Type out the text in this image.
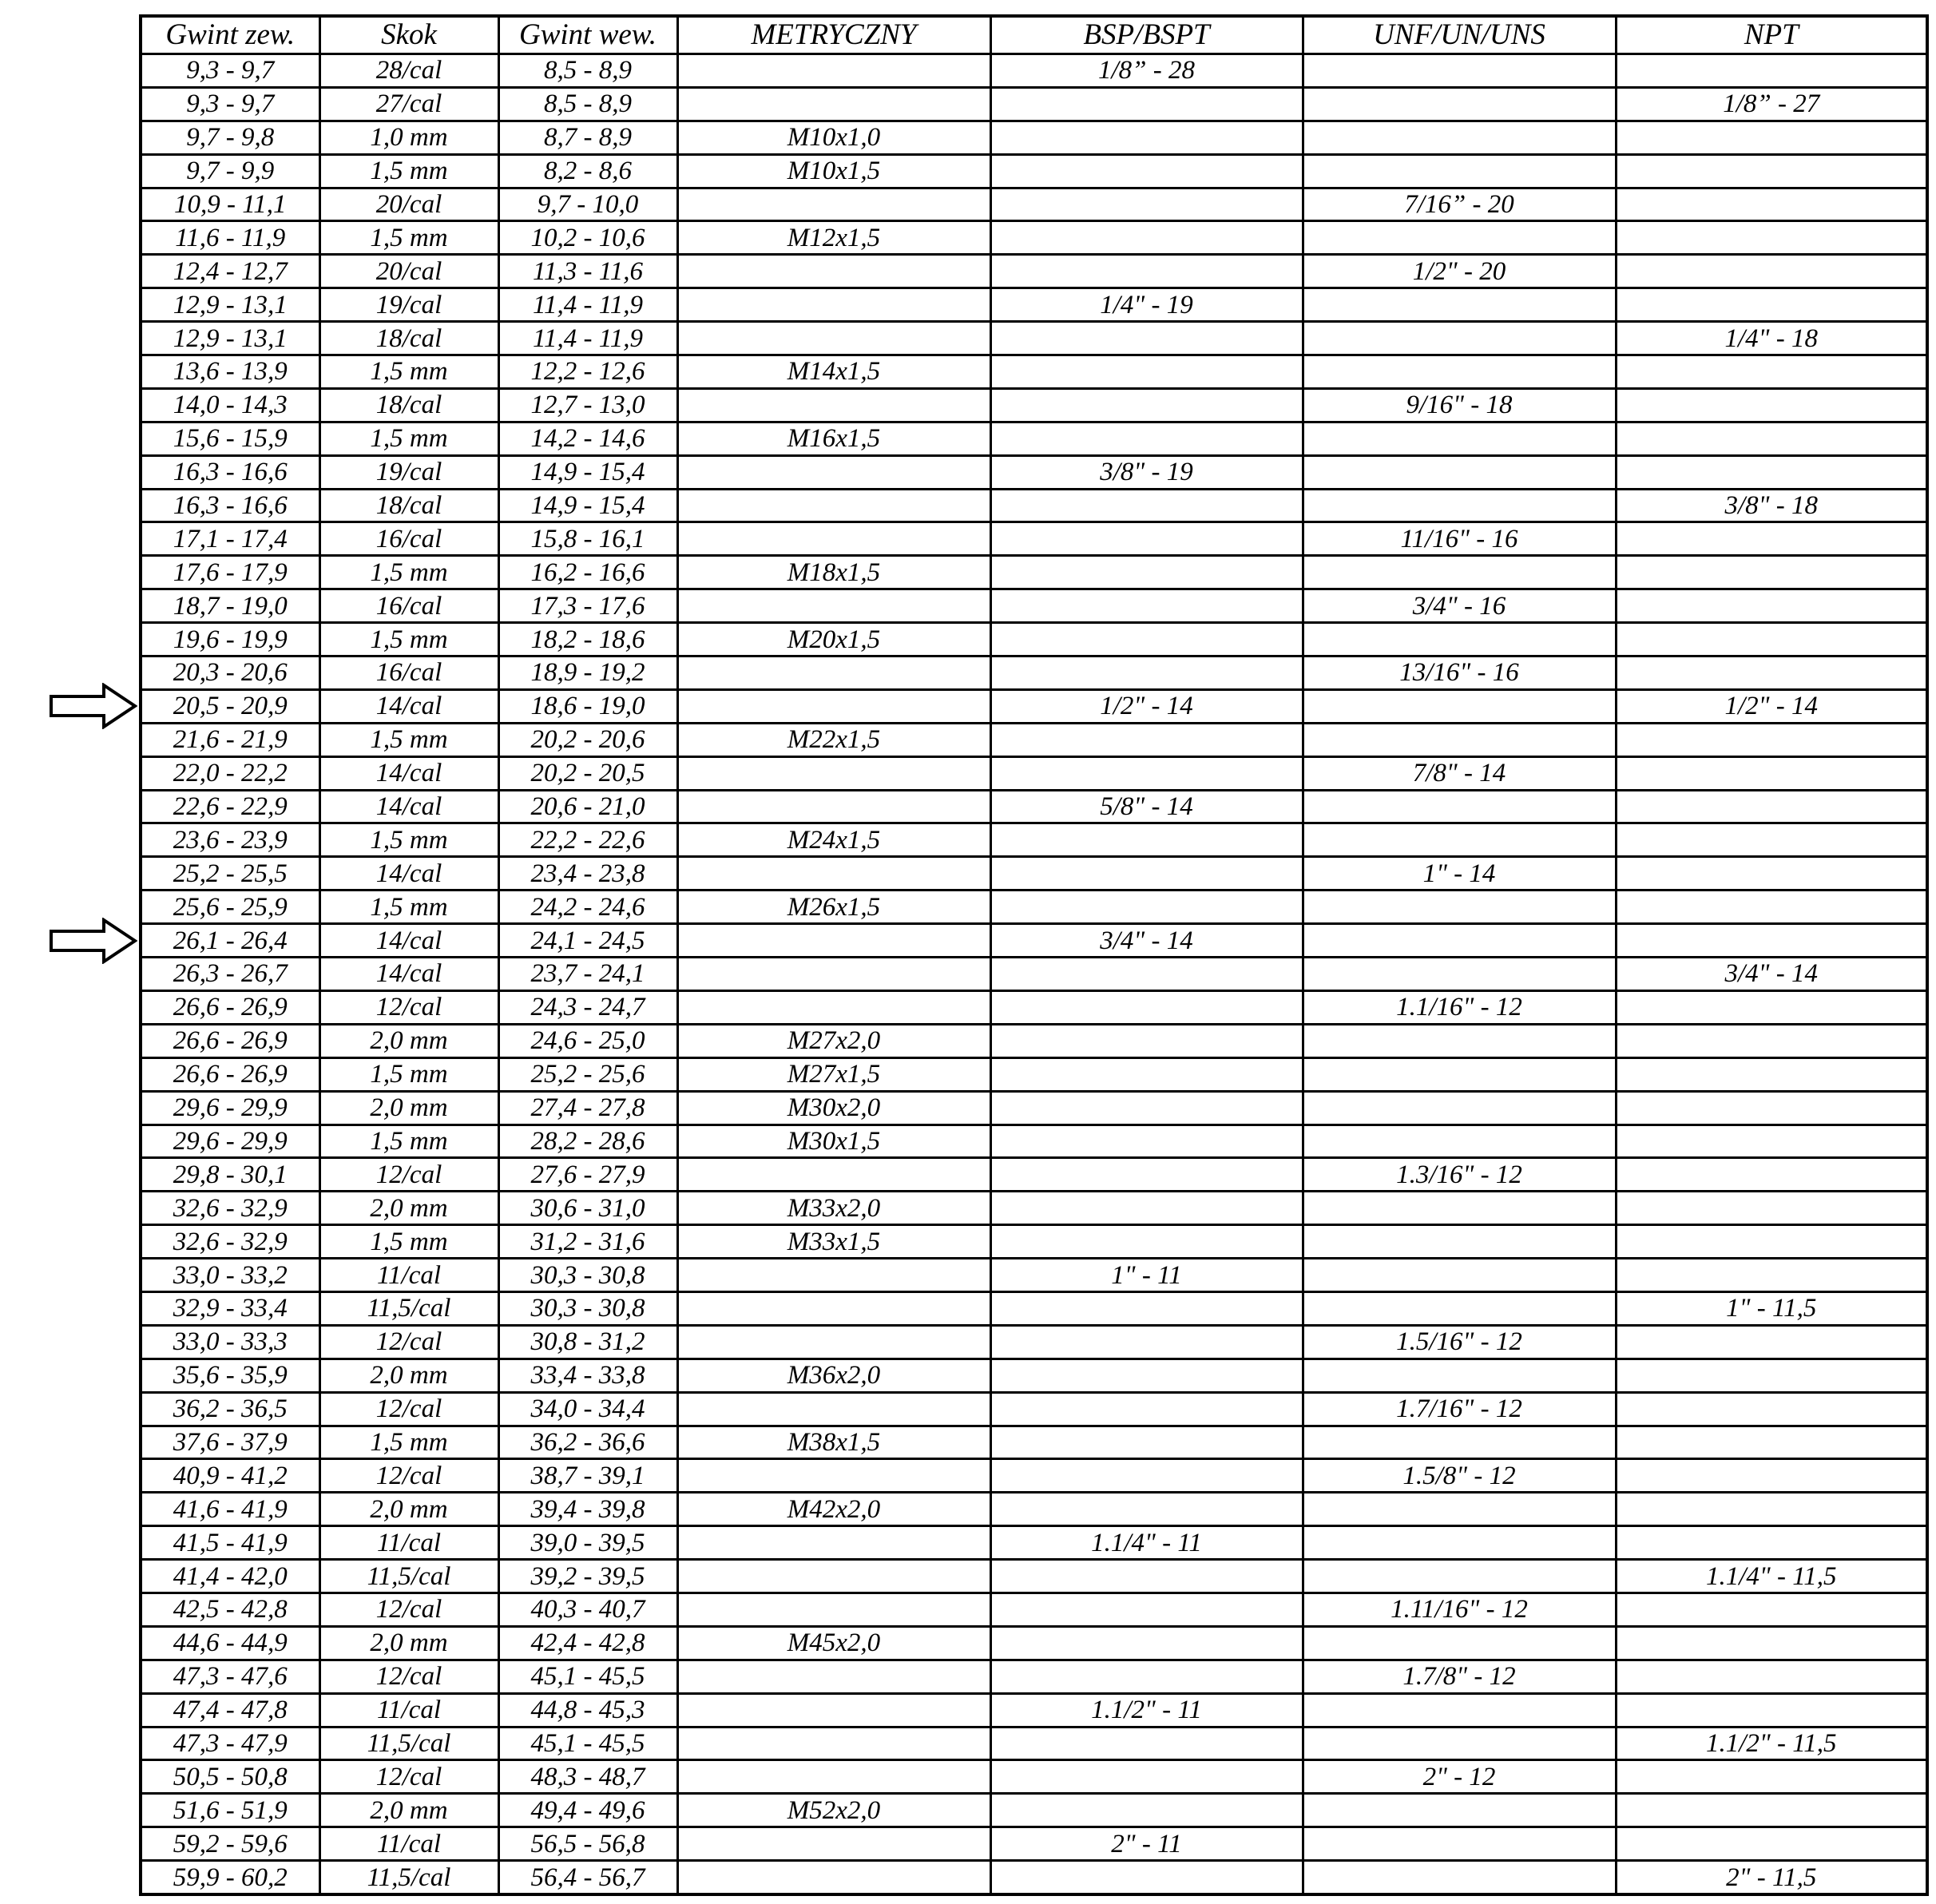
Gwint zew.	Skok	Gwint wew.	METRYCZNY	BSP/BSPT	UNF/UN/UNS	NPT
9,3 - 9,7	28/cal	8,5 - 8,9		1/8” - 28		
9,3 - 9,7	27/cal	8,5 - 8,9				1/8” - 27
9,7 - 9,8	1,0 mm	8,7 - 8,9	M10x1,0			
9,7 - 9,9	1,5 mm	8,2 - 8,6	M10x1,5			
10,9 - 11,1	20/cal	9,7 - 10,0			7/16” - 20	
11,6 - 11,9	1,5 mm	10,2 - 10,6	M12x1,5			
12,4 - 12,7	20/cal	11,3 - 11,6			1/2" - 20	
12,9 - 13,1	19/cal	11,4 - 11,9		1/4" - 19		
12,9 - 13,1	18/cal	11,4 - 11,9				1/4" - 18
13,6 - 13,9	1,5 mm	12,2 - 12,6	M14x1,5			
14,0 - 14,3	18/cal	12,7 - 13,0			9/16" - 18	
15,6 - 15,9	1,5 mm	14,2 - 14,6	M16x1,5			
16,3 - 16,6	19/cal	14,9 - 15,4		3/8" - 19		
16,3 - 16,6	18/cal	14,9 - 15,4				3/8" - 18
17,1 - 17,4	16/cal	15,8 - 16,1			11/16" - 16	
17,6 - 17,9	1,5 mm	16,2 - 16,6	M18x1,5			
18,7 - 19,0	16/cal	17,3 - 17,6			3/4" - 16	
19,6 - 19,9	1,5 mm	18,2 - 18,6	M20x1,5			
20,3 - 20,6	16/cal	18,9 - 19,2			13/16" - 16	
20,5 - 20,9	14/cal	18,6 - 19,0		1/2" - 14		1/2" - 14
21,6 - 21,9	1,5 mm	20,2 - 20,6	M22x1,5			
22,0 - 22,2	14/cal	20,2 - 20,5			7/8" - 14	
22,6 - 22,9	14/cal	20,6 - 21,0		5/8" - 14		
23,6 - 23,9	1,5 mm	22,2 - 22,6	M24x1,5			
25,2 - 25,5	14/cal	23,4 - 23,8			1" - 14	
25,6 - 25,9	1,5 mm	24,2 - 24,6	M26x1,5			
26,1 - 26,4	14/cal	24,1 - 24,5		3/4" - 14		
26,3 - 26,7	14/cal	23,7 - 24,1				3/4" - 14
26,6 - 26,9	12/cal	24,3 - 24,7			1.1/16" - 12	
26,6 - 26,9	2,0 mm	24,6 - 25,0	M27x2,0			
26,6 - 26,9	1,5 mm	25,2 - 25,6	M27x1,5			
29,6 - 29,9	2,0 mm	27,4 - 27,8	M30x2,0			
29,6 - 29,9	1,5 mm	28,2 - 28,6	M30x1,5			
29,8 - 30,1	12/cal	27,6 - 27,9			1.3/16" - 12	
32,6 - 32,9	2,0 mm	30,6 - 31,0	M33x2,0			
32,6 - 32,9	1,5 mm	31,2 - 31,6	M33x1,5			
33,0 - 33,2	11/cal	30,3 - 30,8		1" - 11		
32,9 - 33,4	11,5/cal	30,3 - 30,8				1" - 11,5
33,0 - 33,3	12/cal	30,8 - 31,2			1.5/16" - 12	
35,6 - 35,9	2,0 mm	33,4 - 33,8	M36x2,0			
36,2 - 36,5	12/cal	34,0 - 34,4			1.7/16" - 12	
37,6 - 37,9	1,5 mm	36,2 - 36,6	M38x1,5			
40,9 - 41,2	12/cal	38,7 - 39,1			1.5/8" - 12	
41,6 - 41,9	2,0 mm	39,4 - 39,8	M42x2,0			
41,5 - 41,9	11/cal	39,0 - 39,5		1.1/4" - 11		
41,4 - 42,0	11,5/cal	39,2 - 39,5				1.1/4" - 11,5
42,5 - 42,8	12/cal	40,3 - 40,7			1.11/16" - 12	
44,6 - 44,9	2,0 mm	42,4 - 42,8	M45x2,0			
47,3 - 47,6	12/cal	45,1 - 45,5			1.7/8" - 12	
47,4 - 47,8	11/cal	44,8 - 45,3		1.1/2" - 11		
47,3 - 47,9	11,5/cal	45,1 - 45,5				1.1/2" - 11,5
50,5 - 50,8	12/cal	48,3 - 48,7			2" - 12	
51,6 - 51,9	2,0 mm	49,4 - 49,6	M52x2,0			
59,2 - 59,6	11/cal	56,5 - 56,8		2" - 11		
59,9 - 60,2	11,5/cal	56,4 - 56,7				2" - 11,5
